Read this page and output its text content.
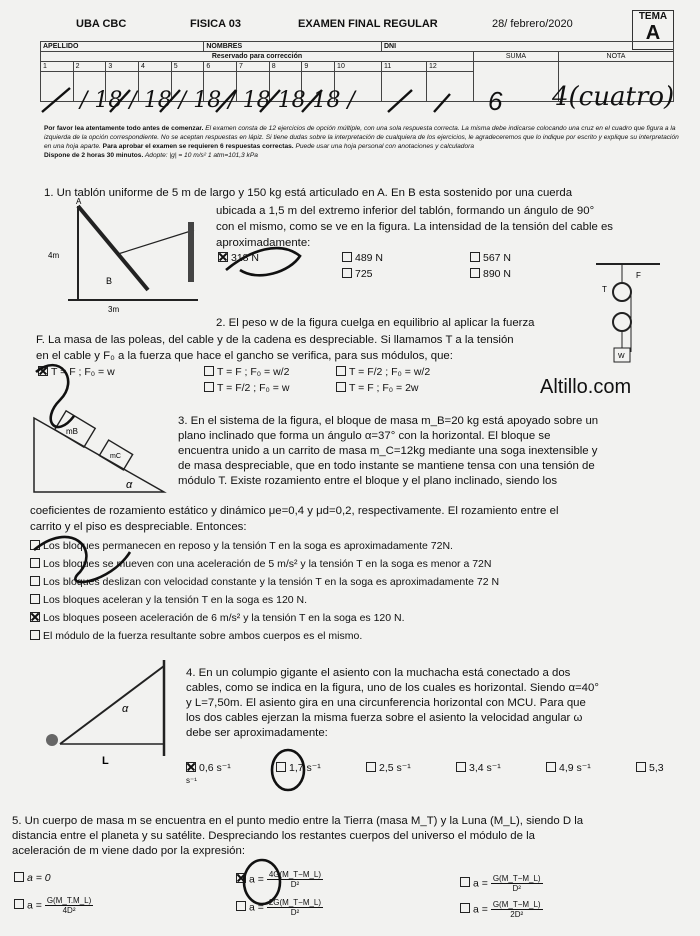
UBA CBC	FISICA 03	EXAMEN FINAL REGULAR	28/ febrero/2020
TEMA
A
APELLIDO					NOMBRES					DNI			
Reservado para corrección												SUMA	NOTA
1	2	3	4	5	6	7	8	9	10	11	12		

/ 18 / 18 / 18 / 18 18 18 /	6 4(cuatro)
Por favor lea atentamente todo antes de comenzar. El examen consta de 12 ejercicios de opción múltiple, con una sola respuesta correcta. La misma debe indicarse colocando una cruz en el cuadro que figura a la izquierda de la opción correspondiente. No se aceptan respuestas en lápiz. Si tiene dudas sobre la interpretación de cualquiera de los ejercicios, le agradeceremos que lo indique por escrito y explique su interpretación en una hoja aparte. Para aprobar el examen se requieren 6 respuestas correctas. Puede usar una hoja personal con anotaciones y calculadora
Dispone de 2 horas 30 minutos. Adopte: |g| = 10 m/s² 1 atm=101,3 kPa
1. Un tablón uniforme de 5 m de largo y 150 kg está articulado en A. En B esta sostenido por una cuerda
ubicada a 1,5 m del extremo inferior del tablón, formando un ángulo de 90°
con el mismo, como se ve en la figura. La intensidad de la tensión del cable es
aproximadamente:
A
B
4m
3m
318 N	489 N	567 N
725	890 N
2. El peso w de la figura cuelga en equilibrio al aplicar la fuerza
F. La masa de las poleas, del cable y de la cadena es despreciable. Si llamamos T a la tensión
en el cable y F₀ a la fuerza que hace el gancho se verifica, para sus módulos, que:
T
F
W
T = F ; F₀ = w	T = F ; F₀ = w/2	T = F/2 ; F₀ = w/2
T = F/2 ; F₀ = w	T = F ; F₀ = 2w	Altillo.com
mB
mC
α
3. En el sistema de la figura, el bloque de masa m_B=20 kg está apoyado sobre un
plano inclinado que forma un ángulo α=37° con la horizontal. El bloque se
encuentra unido a un carrito de masa m_C=12kg mediante una soga inextensible y
de masa despreciable, que en todo instante se mantiene tensa con una tensión de
módulo T. Existe rozamiento entre el bloque y el plano inclinado, siendo los
coeficientes de rozamiento estático y dinámico μe=0,4 y μd=0,2, respectivamente. El rozamiento entre el
carrito y el piso es despreciable. Entonces:
Los bloques permanecen en reposo y la tensión T en la soga es aproximadamente 72N.
Los bloques se mueven con una aceleración de 5 m/s² y la tensión T en la soga es menor a 72N
Los bloques deslizan con velocidad constante y la tensión T en la soga es aproximadamente 72 N
Los bloques aceleran y la tensión T en la soga es 120 N.
Los bloques poseen aceleración de 6 m/s² y la tensión T en la soga es 120 N.
El módulo de la fuerza resultante sobre ambos cuerpos es el mismo.
α
L
4. En un columpio gigante el asiento con la muchacha está conectado a dos
cables, como se indica en la figura, uno de los cuales es horizontal. Siendo α=40°
y L=7,50m. El asiento gira en una circunferencia horizontal con MCU. Para que
los dos cables ejerzan la misma fuerza sobre el asiento la velocidad angular ω
debe ser aproximadamente:
0,6 s⁻¹	1,7 s⁻¹	2,5 s⁻¹	3,4 s⁻¹	4,9 s⁻¹	5,3
s⁻¹
5. Un cuerpo de masa m se encuentra en el punto medio entre la Tierra (masa M_T) y la Luna (M_L), siendo D la
distancia entre el planeta y su satélite. Despreciando los restantes cuerpos del universo el módulo de la
aceleración de m viene dado por la expresión:
a = 0
$a = \frac{G(M\_T.M\_L)}{\text{4D²}}$
$a = \frac{4G(M\_T-M\_L)}{\text{D²}}$
$a = \frac{2G(M\_T-M\_L)}{\text{D²}}$
$a = \frac{G(M\_T-M\_L)}{\text{D²}}$
$a = \frac{G(M\_T-M\_L)}{\text{2D²}}$
